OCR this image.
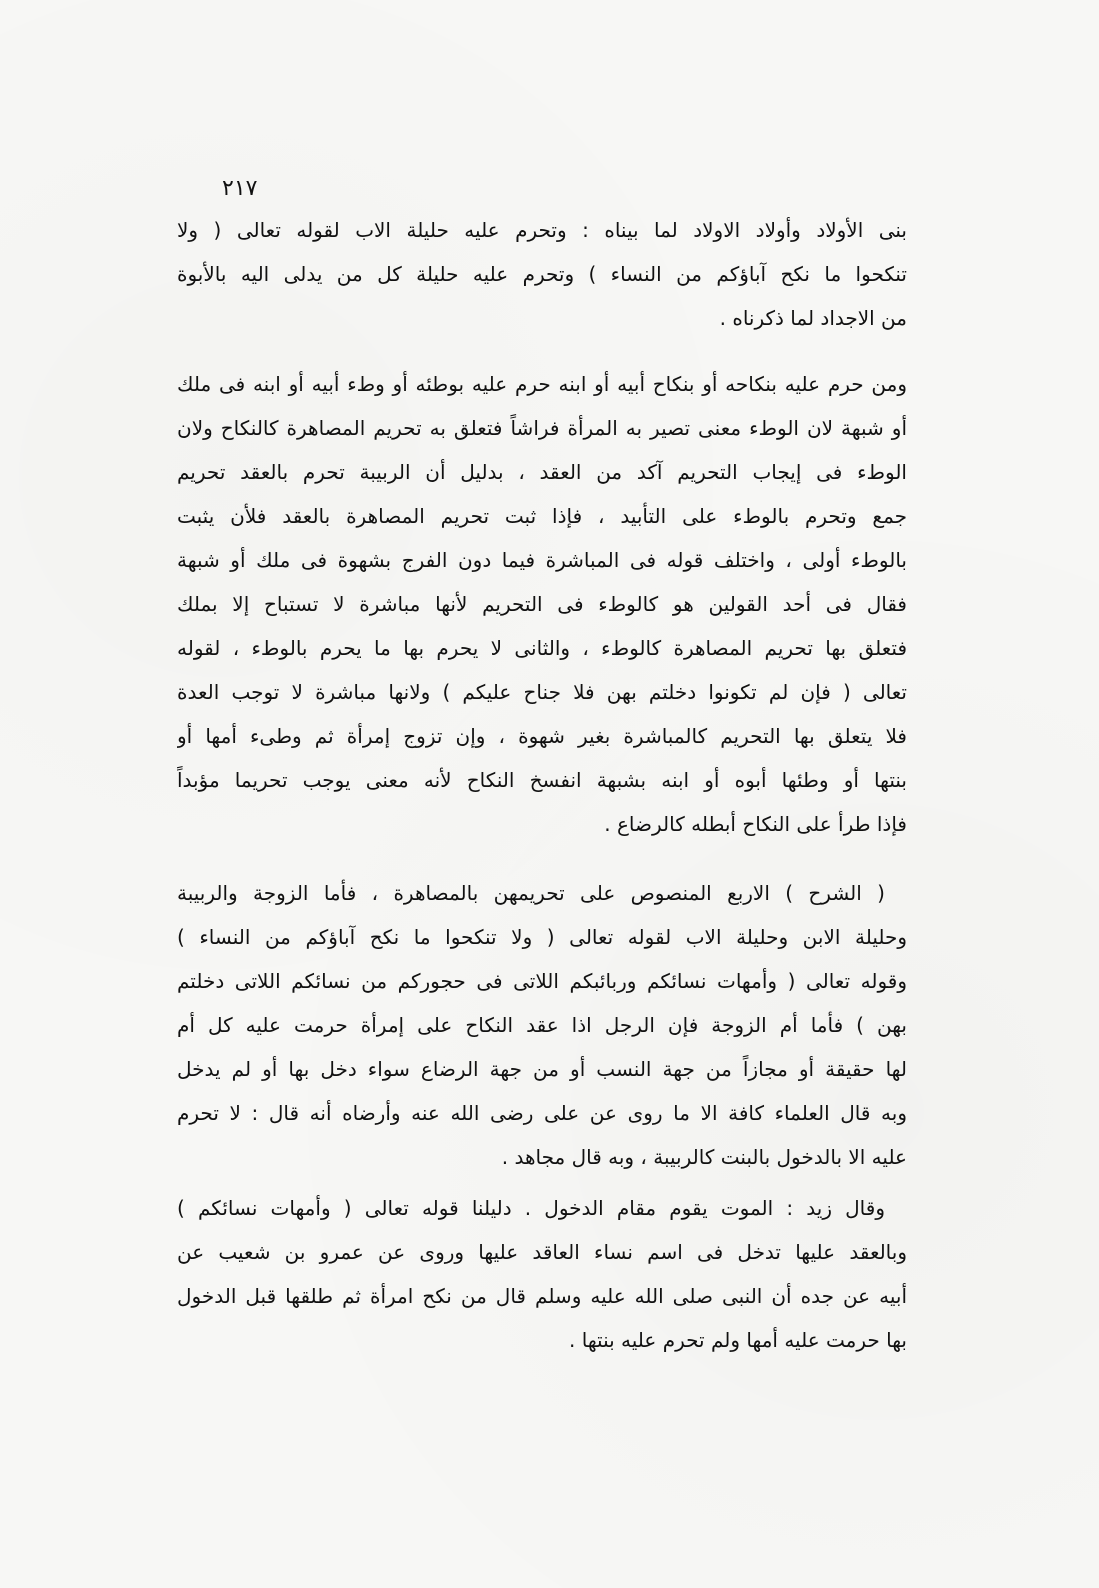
٢١٧
بنى الأولاد وأولاد الاولاد لما بيناه : وتحرم عليه حليلة الاب لقوله تعالى ( ولا
تنكحوا ما نكح آباؤكم من النساء ) وتحرم عليه حليلة كل من يدلى اليه بالأبوة
من الاجداد لما ذكرناه .
ومن حرم عليه بنكاحه أو بنكاح أبيه أو ابنه حرم عليه بوطئه أو وطء أبيه أو ابنه فى ملك
أو شبهة لان الوطء معنى تصير به المرأة فراشاً فتعلق به تحريم المصاهرة كالنكاح ولان
الوطء فى إيجاب التحريم آكد من العقد ، بدليل أن الربيبة تحرم بالعقد تحريم
جمع وتحرم بالوطء على التأبيد ، فإذا ثبت تحريم المصاهرة بالعقد فلأن يثبت
بالوطء أولى ، واختلف قوله فى المباشرة فيما دون الفرج بشهوة فى ملك أو شبهة
فقال فى أحد القولين هو كالوطء فى التحريم لأنها مباشرة لا تستباح إلا بملك
فتعلق بها تحريم المصاهرة كالوطء ، والثانى لا يحرم بها ما يحرم بالوطء ، لقوله
تعالى ( فإن لم تكونوا دخلتم بهن فلا جناح عليكم ) ولانها مباشرة لا توجب العدة
فلا يتعلق بها التحريم كالمباشرة بغير شهوة ، وإن تزوج إمرأة ثم وطىء أمها أو
بنتها أو وطئها أبوه أو ابنه بشبهة انفسخ النكاح لأنه معنى يوجب تحريما مؤبداً
فإذا طرأ على النكاح أبطله كالرضاع .
( الشرح ) الاربع المنصوص على تحريمهن بالمصاهرة ، فأما الزوجة والربيبة
وحليلة الابن وحليلة الاب لقوله تعالى ( ولا تنكحوا ما نكح آباؤكم من النساء )
وقوله تعالى ( وأمهات نسائكم وربائبكم اللاتى فى حجوركم من نسائكم اللاتى دخلتم
بهن ) فأما أم الزوجة فإن الرجل اذا عقد النكاح على إمرأة حرمت عليه كل أم
لها حقيقة أو مجازاً من جهة النسب أو من جهة الرضاع سواء دخل بها أو لم يدخل
وبه قال العلماء كافة الا ما روى عن على رضى الله عنه وأرضاه أنه قال : لا تحرم
عليه الا بالدخول بالبنت كالربيبة ، وبه قال مجاهد .
وقال زيد : الموت يقوم مقام الدخول . دليلنا قوله تعالى ( وأمهات نسائكم )
وبالعقد عليها تدخل فى اسم نساء العاقد عليها وروى عن عمرو بن شعيب عن
أبيه عن جده أن النبى صلى الله عليه وسلم قال من نكح امرأة ثم طلقها قبل الدخول
بها حرمت عليه أمها ولم تحرم عليه بنتها .
